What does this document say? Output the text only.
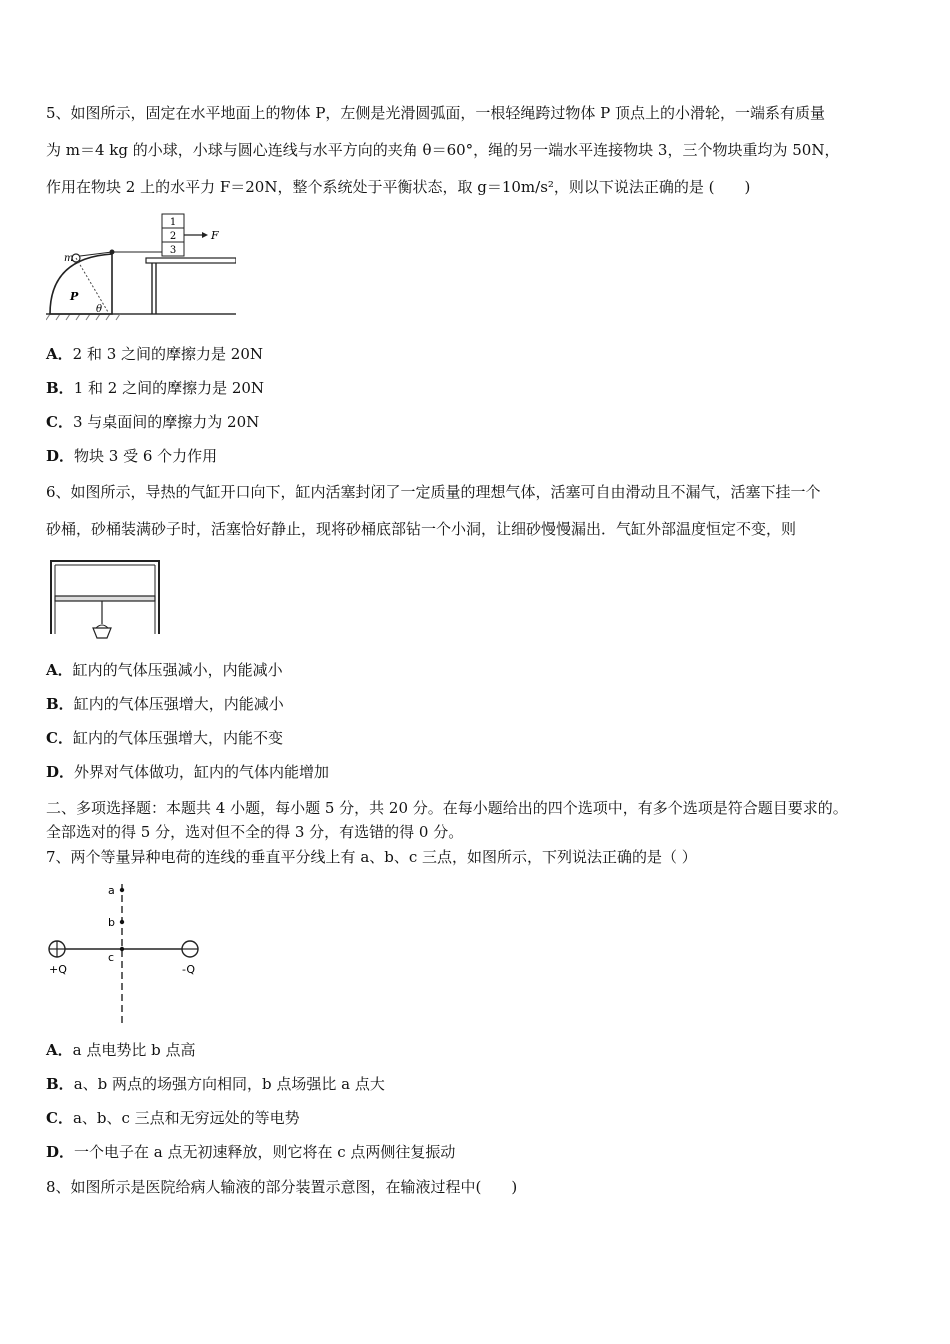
5、如图所示，固定在水平地面上的物体 P，左侧是光滑圆弧面，一根轻绳跨过物体 P 顶点上的小滑轮，一端系有质量
为 m＝4 kg 的小球，小球与圆心连线与水平方向的夹角 θ＝60°，绳的另一端水平连接物块 3，三个物块重均为 50N，
作用在物块 2 上的水平力 F＝20N，整个系统处于平衡状态，取 g＝10m/s²，则以下说法正确的是 (　　)
1
2
3
F
m
P
θ
A．2 和 3 之间的摩擦力是 20N
B．1 和 2 之间的摩擦力是 20N
C．3 与桌面间的摩擦力为 20N
D．物块 3 受 6 个力作用
6、如图所示，导热的气缸开口向下，缸内活塞封闭了一定质量的理想气体，活塞可自由滑动且不漏气，活塞下挂一个
砂桶，砂桶装满砂子时，活塞恰好静止，现将砂桶底部钻一个小洞，让细砂慢慢漏出．气缸外部温度恒定不变，则
A．缸内的气体压强减小，内能减小
B．缸内的气体压强增大，内能减小
C．缸内的气体压强增大，内能不变
D．外界对气体做功，缸内的气体内能增加
二、多项选择题：本题共 4 小题，每小题 5 分，共 20 分。在每小题给出的四个选项中，有多个选项是符合题目要求的。
全部选对的得 5 分，选对但不全的得 3 分，有选错的得 0 分。
7、两个等量异种电荷的连线的垂直平分线上有 a、b、c 三点，如图所示，下列说法正确的是（ ）
a
b
c
+Q	-Q
A．a 点电势比 b 点高
B．a、b 两点的场强方向相同，b 点场强比 a 点大
C．a、b、c 三点和无穷远处的等电势
D．一个电子在 a 点无初速释放，则它将在 c 点两侧往复振动
8、如图所示是医院给病人输液的部分装置示意图，在输液过程中(　　)
